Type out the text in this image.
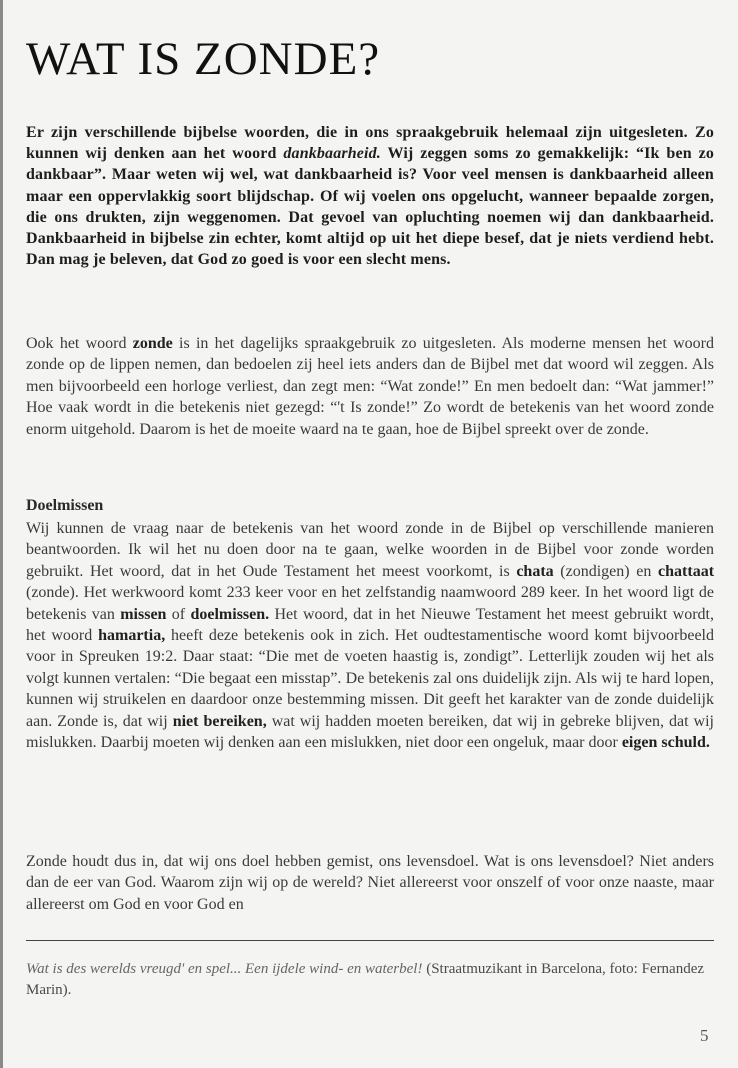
WAT IS ZONDE?

Er zijn verschillende bijbelse woorden, die in ons spraakgebruik helemaal zijn uitgesleten. Zo kunnen wij denken aan het woord dankbaarheid. Wij zeggen soms zo gemakkelijk: “Ik ben zo dankbaar”. Maar weten wij wel, wat dankbaarheid is? Voor veel mensen is dankbaarheid alleen maar een oppervlakkig soort blijdschap. Of wij voelen ons opgelucht, wanneer bepaalde zorgen, die ons drukten, zijn weggenomen. Dat gevoel van opluchting noemen wij dan dankbaarheid. Dankbaarheid in bijbelse zin echter, komt altijd op uit het diepe besef, dat je niets verdiend hebt. Dan mag je beleven, dat God zo goed is voor een slecht mens.

Ook het woord zonde is in het dagelijks spraakgebruik zo uitgesleten. Als moderne mensen het woord zonde op de lippen nemen, dan bedoelen zij heel iets anders dan de Bijbel met dat woord wil zeggen. Als men bijvoorbeeld een horloge verliest, dan zegt men: “Wat zonde!” En men bedoelt dan: “Wat jammer!” Hoe vaak wordt in die betekenis niet gezegd: “'t Is zonde!” Zo wordt de betekenis van het woord zonde enorm uitgehold. Daarom is het de moeite waard na te gaan, hoe de Bijbel spreekt over de zonde.

Doelmissen

Wij kunnen de vraag naar de betekenis van het woord zonde in de Bijbel op verschillende manieren beantwoorden. Ik wil het nu doen door na te gaan, welke woorden in de Bijbel voor zonde worden gebruikt. Het woord, dat in het Oude Testament het meest voorkomt, is chata (zondigen) en chattaat (zonde). Het werkwoord komt 233 keer voor en het zelfstandig naamwoord 289 keer. In het woord ligt de betekenis van missen of doelmissen. Het woord, dat in het Nieuwe Testament het meest gebruikt wordt, het woord hamartia, heeft deze betekenis ook in zich. Het oudtestamentische woord komt bijvoorbeeld voor in Spreuken 19:2. Daar staat: “Die met de voeten haastig is, zondigt”. Letterlijk zouden wij het als volgt kunnen vertalen: “Die begaat een misstap”. De betekenis zal ons duidelijk zijn. Als wij te hard lopen, kunnen wij struikelen en daardoor onze bestemming missen. Dit geeft het karakter van de zonde duidelijk aan. Zonde is, dat wij niet bereiken, wat wij hadden moeten bereiken, dat wij in gebreke blijven, dat wij mislukken. Daarbij moeten wij denken aan een mislukken, niet door een ongeluk, maar door eigen schuld.

Zonde houdt dus in, dat wij ons doel hebben gemist, ons levensdoel. Wat is ons levensdoel? Niet anders dan de eer van God. Waarom zijn wij op de wereld? Niet allereerst voor onszelf of voor onze naaste, maar allereerst om God en voor God en

Wat is des werelds vreugd' en spel... Een ijdele wind- en waterbel! (Straatmuzikant in Barcelona, foto: Fernandez Marin).

5
